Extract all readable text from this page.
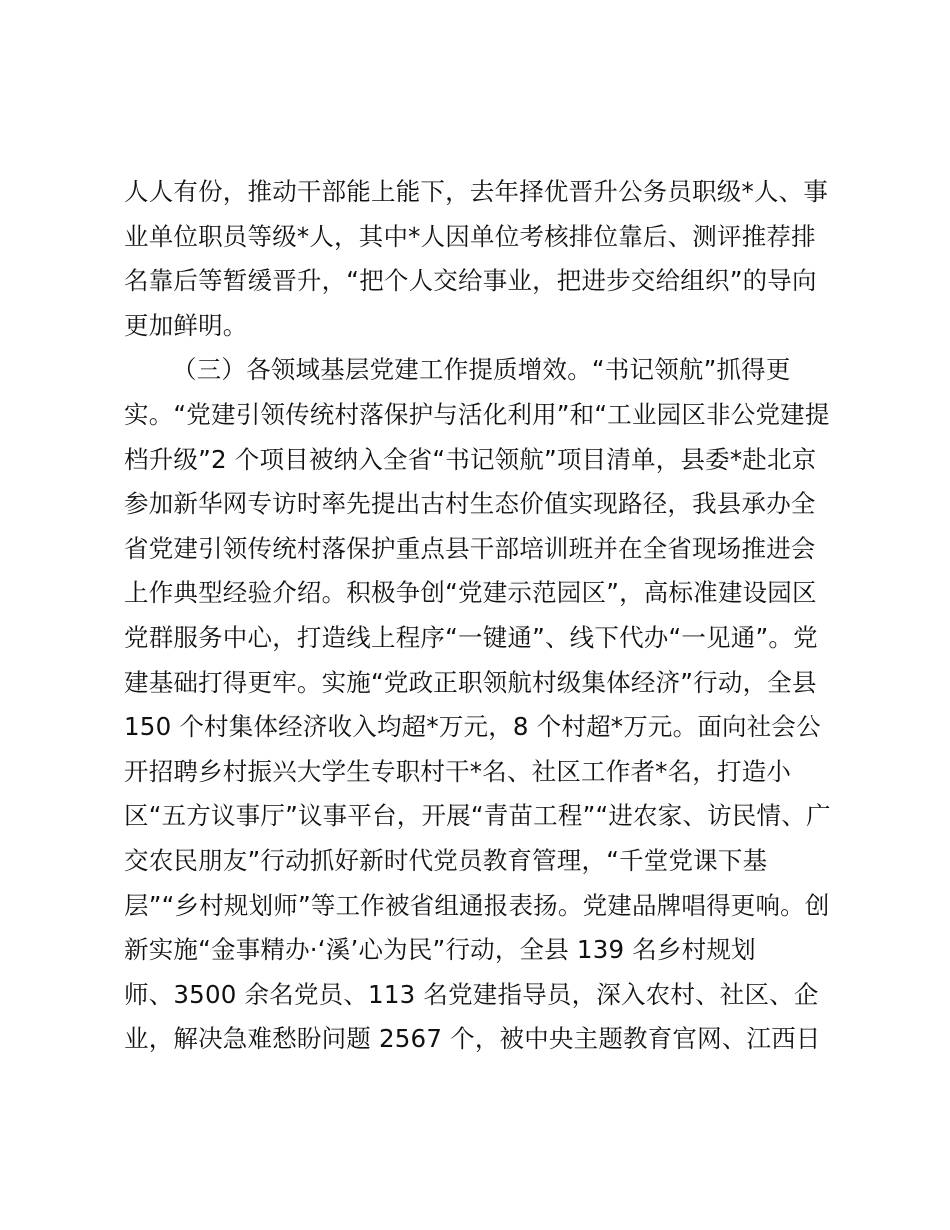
人人有份，推动干部能上能下，去年择优晋升公务员职级*人、事
业单位职员等级*人，其中*人因单位考核排位靠后、测评推荐排
名靠后等暂缓晋升，“把个人交给事业，把进步交给组织”的导向
更加鲜明。
（三）各领域基层党建工作提质增效。“书记领航”抓得更
实。“党建引领传统村落保护与活化利用”和“工业园区非公党建提
档升级”2 个项目被纳入全省“书记领航”项目清单，县委*赴北京
参加新华网专访时率先提出古村生态价值实现路径，我县承办全
省党建引领传统村落保护重点县干部培训班并在全省现场推进会
上作典型经验介绍。积极争创“党建示范园区”，高标准建设园区
党群服务中心，打造线上程序“一键通”、线下代办“一见通”。党
建基础打得更牢。实施“党政正职领航村级集体经济”行动，全县
150 个村集体经济收入均超*万元，8 个村超*万元。面向社会公
开招聘乡村振兴大学生专职村干*名、社区工作者*名，打造小
区“五方议事厅”议事平台，开展“青苗工程”“进农家、访民情、广
交农民朋友”行动抓好新时代党员教育管理，“千堂党课下基
层”“乡村规划师”等工作被省组通报表扬。党建品牌唱得更响。创
新实施“金事精办·‘溪’心为民”行动，全县 139 名乡村规划
师、3500 余名党员、113 名党建指导员，深入农村、社区、企
业，解决急难愁盼问题 2567 个，被中央主题教育官网、江西日
